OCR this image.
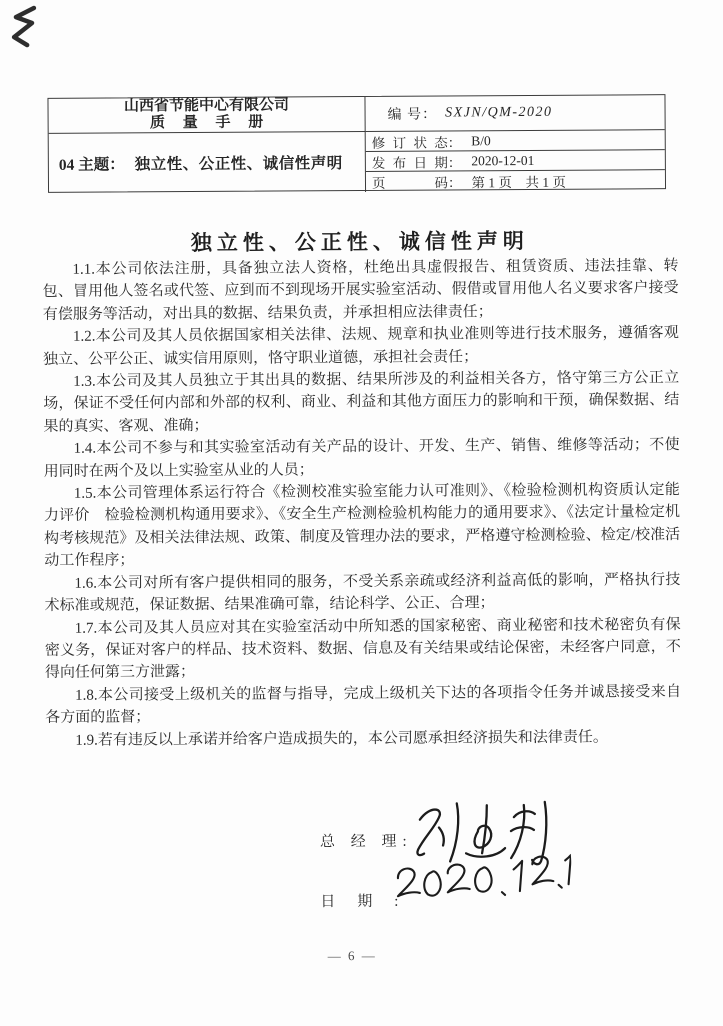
山西省节能中心有限公司
质 量 手 册
04 主题： 独立性、公正性、诚信性声明
编 号： SXJN/QM-2020
修订状态 ： B/0
发布日期 ： 2020-12-01
页码 ： 第 1 页　共 1 页
独立性、公正性、诚信性声明

1.1.本公司依法注册，具备独立法人资格，杜绝出具虚假报告、租赁资质、违法挂靠、转包、冒用他人签名或代签、应到而不到现场开展实验室活动、假借或冒用他人名义要求客户接受有偿服务等活动，对出具的数据、结果负责，并承担相应法律责任；

1.2.本公司及其人员依据国家相关法律、法规、规章和执业准则等进行技术服务，遵循客观独立、公平公正、诚实信用原则，恪守职业道德，承担社会责任；

1.3.本公司及其人员独立于其出具的数据、结果所涉及的利益相关各方，恪守第三方公正立场，保证不受任何内部和外部的权利、商业、利益和其他方面压力的影响和干预，确保数据、结果的真实、客观、准确；

1.4.本公司不参与和其实验室活动有关产品的设计、开发、生产、销售、维修等活动；不使用同时在两个及以上实验室从业的人员；

1.5.本公司管理体系运行符合《检测校准实验室能力认可准则》、《检验检测机构资质认定能力评价　检验检测机构通用要求》、《安全生产检测检验机构能力的通用要求》、《法定计量检定机构考核规范》及相关法律法规、政策、制度及管理办法的要求，严格遵守检测检验、检定/校准活动工作程序；

1.6.本公司对所有客户提供相同的服务，不受关系亲疏或经济利益高低的影响，严格执行技术标准或规范，保证数据、结果准确可靠，结论科学、公正、合理；

1.7.本公司及其人员应对其在实验室活动中所知悉的国家秘密、商业秘密和技术秘密负有保密义务，保证对客户的样品、技术资料、数据、信息及有关结果或结论保密，未经客户同意，不得向任何第三方泄露；

1.8.本公司接受上级机关的监督与指导，完成上级机关下达的各项指令任务并诚恳接受来自各方面的监督；

1.9.若有违反以上承诺并给客户造成损失的，本公司愿承担经济损失和法律责任。

总 经 理:
日期:
— 6 —
